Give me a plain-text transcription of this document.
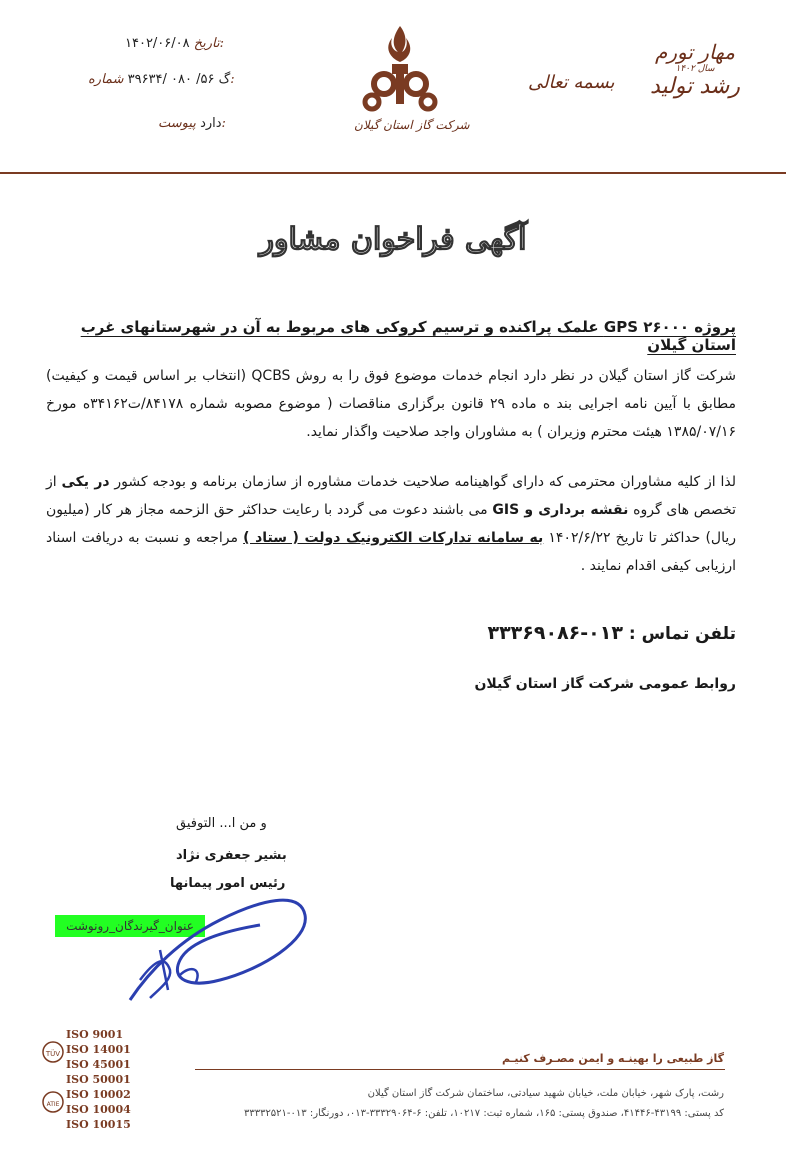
۱۴۰۲/۰۶/۰۸ تاریخ:
گ ۵۶/ ۰۸۰ /۳۹۶۳۴ شماره:
دارد پیوست:	شرکت گاز استان گیلان
بسمه تعالی
مهار تورم
سال ۱۴۰۲
رشد تولید
آگهی فراخوان مشاور
پروژه GPS ۲۶۰۰۰ علمک پراکنده و ترسیم کروکی های مربوط به آن در شهرستانهای غرب استان گیلان
شرکت گاز استان گیلان در نظر دارد انجام خدمات موضوع فوق را به روش QCBS (انتخاب بر اساس قیمت و کیفیت) مطابق با آیین نامه اجرایی بند ه ماده ۲۹ قانون برگزاری مناقصات ( موضوع مصوبه شماره ۸۴۱۷۸/ت۳۴۱۶۲ه مورخ ۱۳۸۵/۰۷/۱۶ هیئت محترم وزیران ) به مشاوران واجد صلاحیت واگذار نماید.
لذا از کلیه مشاوران محترمی که دارای گواهینامه صلاحیت خدمات مشاوره از سازمان برنامه و بودجه کشور در یکی از تخصص های گروه نقشه برداری و GIS می باشند دعوت می گردد با رعایت حداکثر حق الزحمه مجاز هر کار (میلیون ریال) حداکثر تا تاریخ ۱۴۰۲/۶/۲۲ به سامانه تدارکات الکترونیک دولت ( ستاد ) مراجعه و نسبت به دریافت اسناد ارزیابی کیفی اقدام نمایند .
تلفن تماس : ۰۱۳-۳۳۳۶۹۰۸۶
روابط عمومی شرکت گاز استان گیلان
و من ا... التوفیق
بشیر جعفری نژاد
رئیس امور پیمانها
عنوان_گیرندگان_رونوشت
گاز طبیعی را بهینـه و ایمن مصـرف کنیـم
رشت، پارک شهر، خیابان ملت، خیابان شهید سیادتی، ساختمان شرکت گاز استان گیلان
کد پستی: ۴۳۱۹۹-۴۱۴۴۶، صندوق پستی: ۱۶۵، شماره ثبت: ۱۰۲۱۷، تلفن: ۶-۳۳۳۲۹۰۶۴-۰۱۳، دورنگار: ۰۱۳-۳۳۳۳۲۵۲۱
TÜV
ATIE
ISO 9001
ISO 14001
ISO 45001
ISO 50001
ISO 10002
ISO 10004
ISO 10015
